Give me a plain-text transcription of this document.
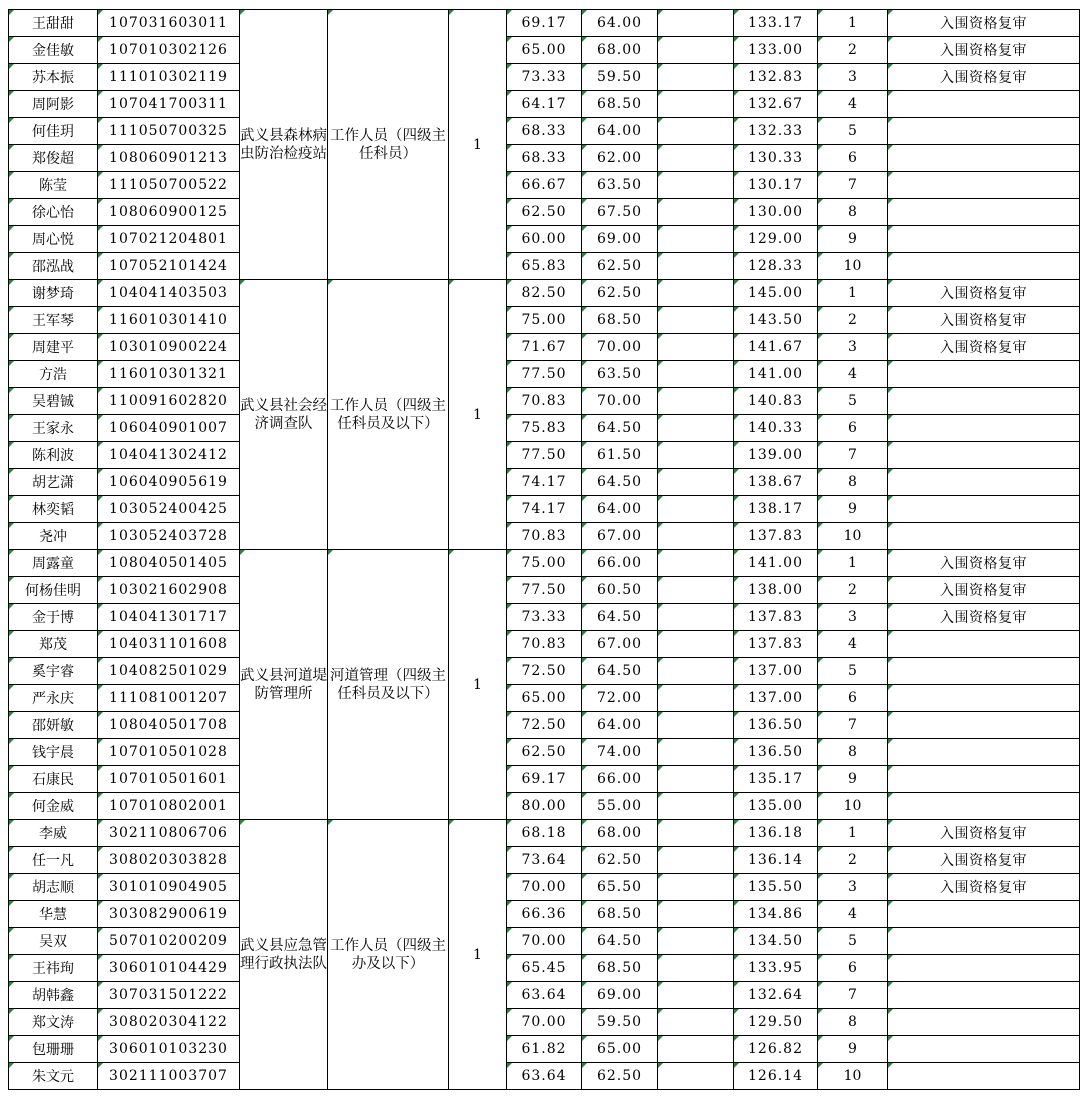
王甜甜	107031603011	武义县森林病虫防治检疫站	工作人员（四级主任科员）	1	69.17	64.00		133.17	1	入围资格复审
金佳敏	107010302126				65.00	68.00		133.00	2	入围资格复审
苏本振	111010302119				73.33	59.50		132.83	3	入围资格复审
周阿影	107041700311				64.17	68.50		132.67	4	
何佳玥	111050700325				68.33	64.00		132.33	5	
郑俊超	108060901213				68.33	62.00		130.33	6	
陈莹	111050700522				66.67	63.50		130.17	7	
徐心怡	108060900125				62.50	67.50		130.00	8	
周心悦	107021204801				60.00	69.00		129.00	9	
邵泓战	107052101424				65.83	62.50		128.33	10	
谢梦琦	104041403503	武义县社会经济调查队	工作人员（四级主任科员及以下）	1	82.50	62.50		145.00	1	入围资格复审
王军琴	116010301410				75.00	68.50		143.50	2	入围资格复审
周建平	103010900224				71.67	70.00		141.67	3	入围资格复审
方浩	116010301321				77.50	63.50		141.00	4	
吴碧铖	110091602820				70.83	70.00		140.83	5	
王家永	106040901007				75.83	64.50		140.33	6	
陈利波	104041302412				77.50	61.50		139.00	7	
胡艺潇	106040905619				74.17	64.50		138.67	8	
林奕韬	103052400425				74.17	64.00		138.17	9	
尧冲	103052403728				70.83	67.00		137.83	10	
周露童	108040501405	武义县河道堤防管理所	河道管理（四级主任科员及以下）	1	75.00	66.00		141.00	1	入围资格复审
何杨佳明	103021602908				77.50	60.50		138.00	2	入围资格复审
金于博	104041301717				73.33	64.50		137.83	3	入围资格复审
郑茂	104031101608				70.83	67.00		137.83	4	
奚宇睿	104082501029				72.50	64.50		137.00	5	
严永庆	111081001207				65.00	72.00		137.00	6	
邵妍敏	108040501708				72.50	64.00		136.50	7	
钱宇晨	107010501028				62.50	74.00		136.50	8	
石康民	107010501601				69.17	66.00		135.17	9	
何金威	107010802001				80.00	55.00		135.00	10	
李威	302110806706	武义县应急管理行政执法队	工作人员（四级主办及以下）	1	68.18	68.00		136.18	1	入围资格复审
任一凡	308020303828				73.64	62.50		136.14	2	入围资格复审
胡志顺	301010904905				70.00	65.50		135.50	3	入围资格复审
华慧	303082900619				66.36	68.50		134.86	4	
吴双	507010200209				70.00	64.50		134.50	5	
王祎珣	306010104429				65.45	68.50		133.95	6	
胡韩鑫	307031501222				63.64	69.00		132.64	7	
郑文涛	308020304122				70.00	59.50		129.50	8	
包珊珊	306010103230				61.82	65.00		126.82	9	
朱文元	302111003707				63.64	62.50		126.14	10	
